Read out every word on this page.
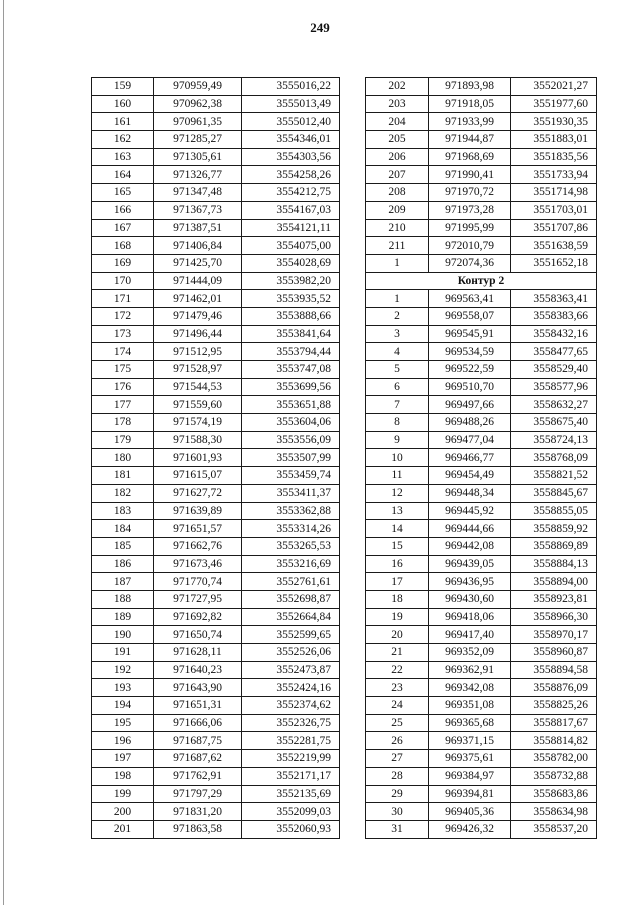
249
159	970959,49	3555016,22
160	970962,38	3555013,49
161	970961,35	3555012,40
162	971285,27	3554346,01
163	971305,61	3554303,56
164	971326,77	3554258,26
165	971347,48	3554212,75
166	971367,73	3554167,03
167	971387,51	3554121,11
168	971406,84	3554075,00
169	971425,70	3554028,69
170	971444,09	3553982,20
171	971462,01	3553935,52
172	971479,46	3553888,66
173	971496,44	3553841,64
174	971512,95	3553794,44
175	971528,97	3553747,08
176	971544,53	3553699,56
177	971559,60	3553651,88
178	971574,19	3553604,06
179	971588,30	3553556,09
180	971601,93	3553507,99
181	971615,07	3553459,74
182	971627,72	3553411,37
183	971639,89	3553362,88
184	971651,57	3553314,26
185	971662,76	3553265,53
186	971673,46	3553216,69
187	971770,74	3552761,61
188	971727,95	3552698,87
189	971692,82	3552664,84
190	971650,74	3552599,65
191	971628,11	3552526,06
192	971640,23	3552473,87
193	971643,90	3552424,16
194	971651,31	3552374,62
195	971666,06	3552326,75
196	971687,75	3552281,75
197	971687,62	3552219,99
198	971762,91	3552171,17
199	971797,29	3552135,69
200	971831,20	3552099,03
201	971863,58	3552060,93
202	971893,98	3552021,27
203	971918,05	3551977,60
204	971933,99	3551930,35
205	971944,87	3551883,01
206	971968,69	3551835,56
207	971990,41	3551733,94
208	971970,72	3551714,98
209	971973,28	3551703,01
210	971995,99	3551707,86
211	972010,79	3551638,59
1	972074,36	3551652,18
Контур 2		
1	969563,41	3558363,41
2	969558,07	3558383,66
3	969545,91	3558432,16
4	969534,59	3558477,65
5	969522,59	3558529,40
6	969510,70	3558577,96
7	969497,66	3558632,27
8	969488,26	3558675,40
9	969477,04	3558724,13
10	969466,77	3558768,09
11	969454,49	3558821,52
12	969448,34	3558845,67
13	969445,92	3558855,05
14	969444,66	3558859,92
15	969442,08	3558869,89
16	969439,05	3558884,13
17	969436,95	3558894,00
18	969430,60	3558923,81
19	969418,06	3558966,30
20	969417,40	3558970,17
21	969352,09	3558960,87
22	969362,91	3558894,58
23	969342,08	3558876,09
24	969351,08	3558825,26
25	969365,68	3558817,67
26	969371,15	3558814,82
27	969375,61	3558782,00
28	969384,97	3558732,88
29	969394,81	3558683,86
30	969405,36	3558634,98
31	969426,32	3558537,20
